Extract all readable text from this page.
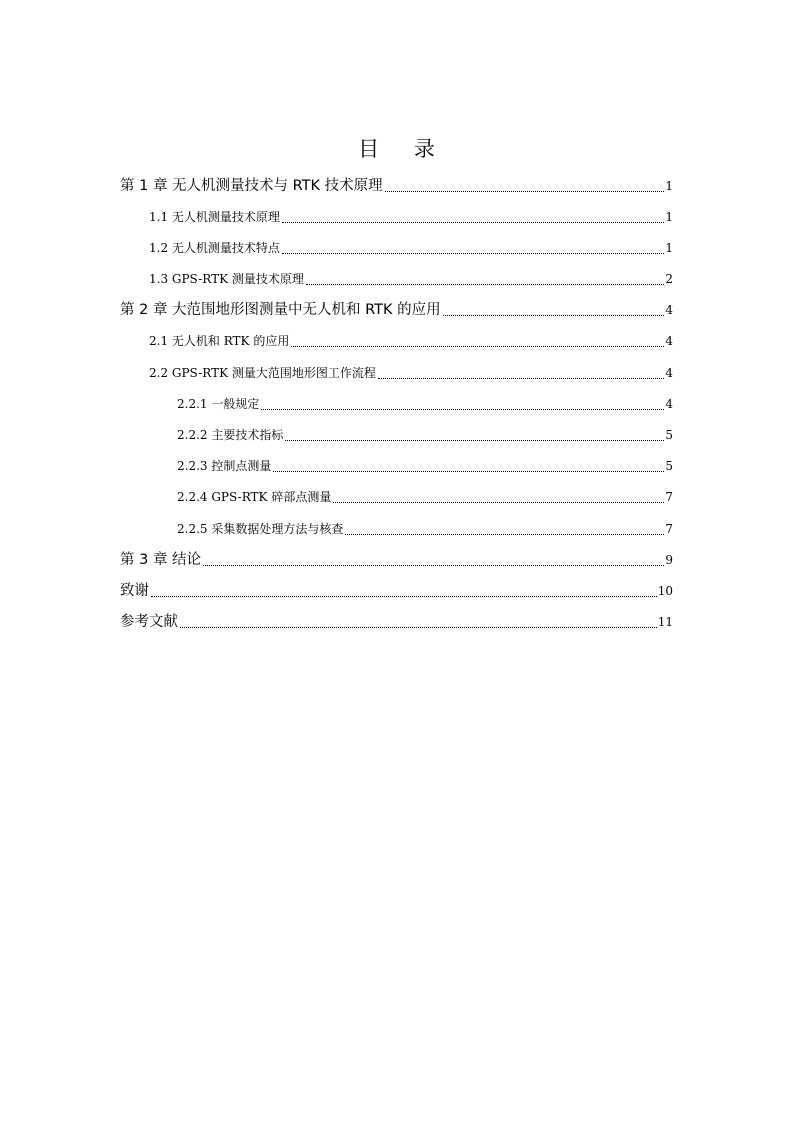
目 录
第 1 章 无人机测量技术与 RTK 技术原理	1
1.1 无人机测量技术原理	1
1.2 无人机测量技术特点	1
1.3 GPS-RTK 测量技术原理	2
第 2 章 大范围地形图测量中无人机和 RTK 的应用	4
2.1 无人机和 RTK 的应用	4
2.2 GPS-RTK 测量大范围地形图工作流程	4
2.2.1 一般规定	4
2.2.2 主要技术指标	5
2.2.3 控制点测量	5
2.2.4 GPS-RTK 碎部点测量	7
2.2.5 采集数据处理方法与核查	7
第 3 章 结论	9
致谢	10
参考文献	11
